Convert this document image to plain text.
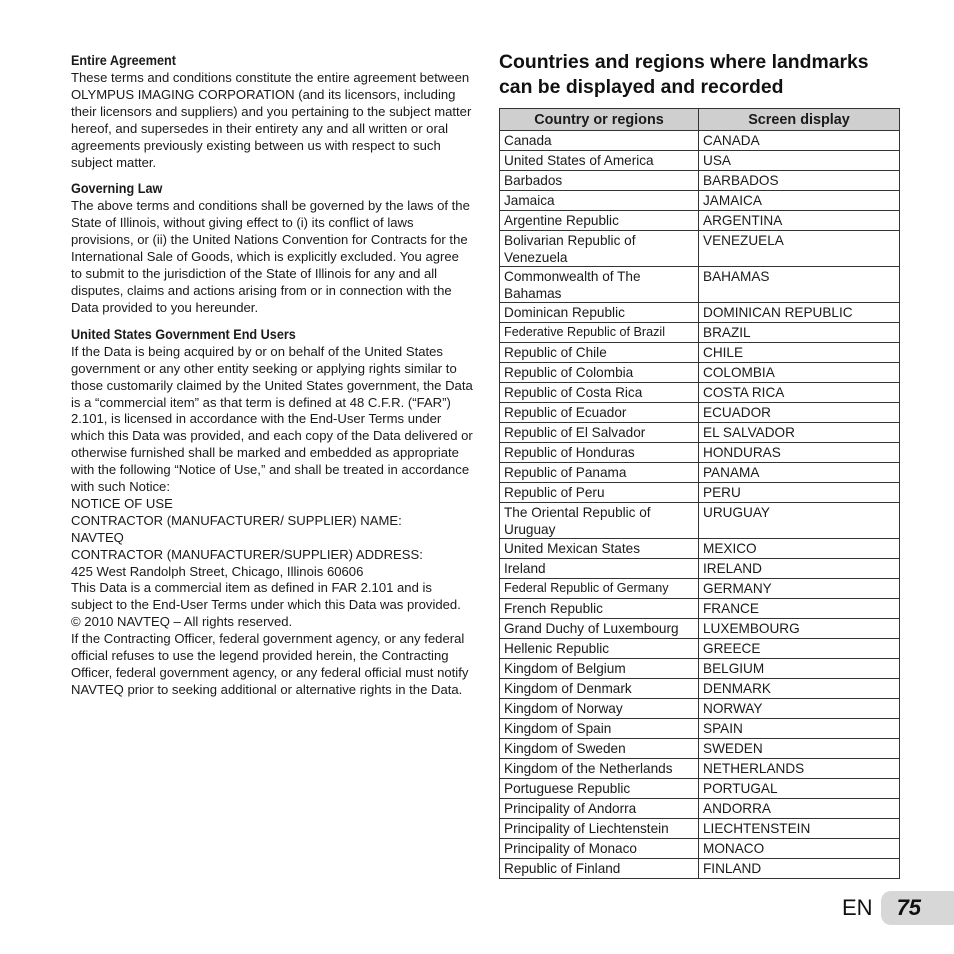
Entire Agreement

These terms and conditions constitute the entire agreement between OLYMPUS IMAGING CORPORATION (and its licensors, including their licensors and suppliers) and you pertaining to the subject matter hereof, and supersedes in their entirety any and all written or oral agreements previously existing between us with respect to such subject matter.

Governing Law

The above terms and conditions shall be governed by the laws of the State of Illinois, without giving effect to (i) its conflict of laws provisions, or (ii) the United Nations Convention for Contracts for the International Sale of Goods, which is explicitly excluded. You agree to submit to the jurisdiction of the State of Illinois for any and all disputes, claims and actions arising from or in connection with the Data provided to you hereunder.

United States Government End Users

If the Data is being acquired by or on behalf of the United States government or any other entity seeking or applying rights similar to those customarily claimed by the United States government, the Data is a “commercial item” as that term is defined at 48 C.F.R. (“FAR”) 2.101, is licensed in accordance with the End-User Terms under which this Data was provided, and each copy of the Data delivered or otherwise furnished shall be marked and embedded as appropriate with the following “Notice of Use,” and shall be treated in accordance with such Notice:

NOTICE OF USE

CONTRACTOR (MANUFACTURER/ SUPPLIER) NAME:

NAVTEQ

CONTRACTOR (MANUFACTURER/SUPPLIER) ADDRESS:

425 West Randolph Street, Chicago, Illinois 60606

This Data is a commercial item as defined in FAR 2.101 and is subject to the End-User Terms under which this Data was provided.

© 2010 NAVTEQ – All rights reserved.

If the Contracting Officer, federal government agency, or any federal official refuses to use the legend provided herein, the Contracting Officer, federal government agency, or any federal official must notify NAVTEQ prior to seeking additional or alternative rights in the Data.

Countries and regions where landmarks can be displayed and recorded
Country or regions	Screen display
Canada	CANADA
United States of America	USA
Barbados	BARBADOS
Jamaica	JAMAICA
Argentine Republic	ARGENTINA
Bolivarian Republic of Venezuela	VENEZUELA
Commonwealth of The Bahamas	BAHAMAS
Dominican Republic	DOMINICAN REPUBLIC
Federative Republic of Brazil	BRAZIL
Republic of Chile	CHILE
Republic of Colombia	COLOMBIA
Republic of Costa Rica	COSTA RICA
Republic of Ecuador	ECUADOR
Republic of El Salvador	EL SALVADOR
Republic of Honduras	HONDURAS
Republic of Panama	PANAMA
Republic of Peru	PERU
The Oriental Republic of Uruguay	URUGUAY
United Mexican States	MEXICO
Ireland	IRELAND
Federal Republic of Germany	GERMANY
French Republic	FRANCE
Grand Duchy of Luxembourg	LUXEMBOURG
Hellenic Republic	GREECE
Kingdom of Belgium	BELGIUM
Kingdom of Denmark	DENMARK
Kingdom of Norway	NORWAY
Kingdom of Spain	SPAIN
Kingdom of Sweden	SWEDEN
Kingdom of the Netherlands	NETHERLANDS
Portuguese Republic	PORTUGAL
Principality of Andorra	ANDORRA
Principality of Liechtenstein	LIECHTENSTEIN
Principality of Monaco	MONACO
Republic of Finland	FINLAND
EN 75
